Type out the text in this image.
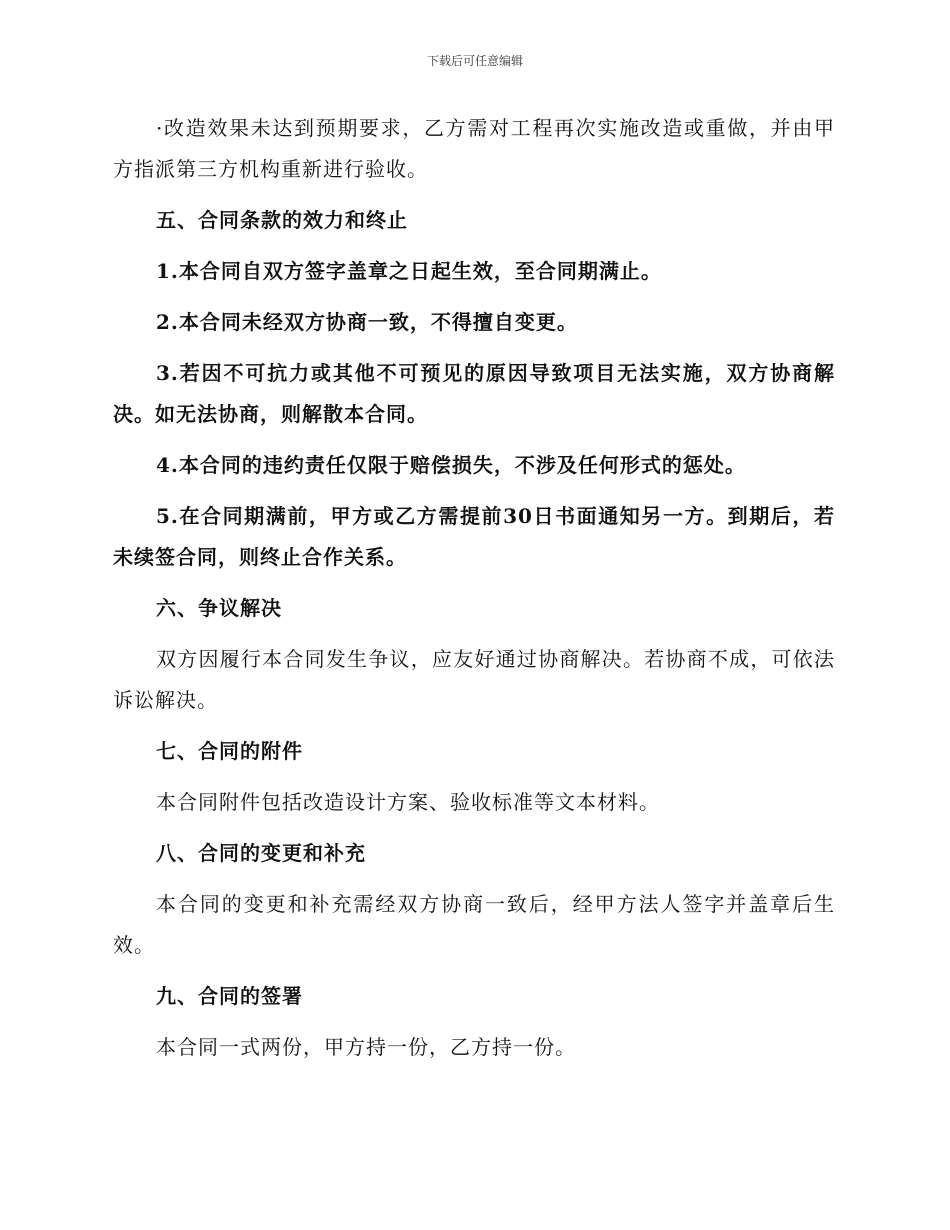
下载后可任意编辑

·改造效果未达到预期要求，乙方需对工程再次实施改造或重做，并由甲方指派第三方机构重新进行验收。

五、合同条款的效力和终止

1.本合同自双方签字盖章之日起生效，至合同期满止。

2.本合同未经双方协商一致，不得擅自变更。

3.若因不可抗力或其他不可预见的原因导致项目无法实施，双方协商解决。如无法协商，则解散本合同。

4.本合同的违约责任仅限于赔偿损失，不涉及任何形式的惩处。

5.在合同期满前，甲方或乙方需提前30日书面通知另一方。到期后，若未续签合同，则终止合作关系。

六、争议解决

双方因履行本合同发生争议，应友好通过协商解决。若协商不成，可依法诉讼解决。

七、合同的附件

本合同附件包括改造设计方案、验收标准等文本材料。

八、合同的变更和补充

本合同的变更和补充需经双方协商一致后，经甲方法人签字并盖章后生效。

九、合同的签署

本合同一式两份，甲方持一份，乙方持一份。
